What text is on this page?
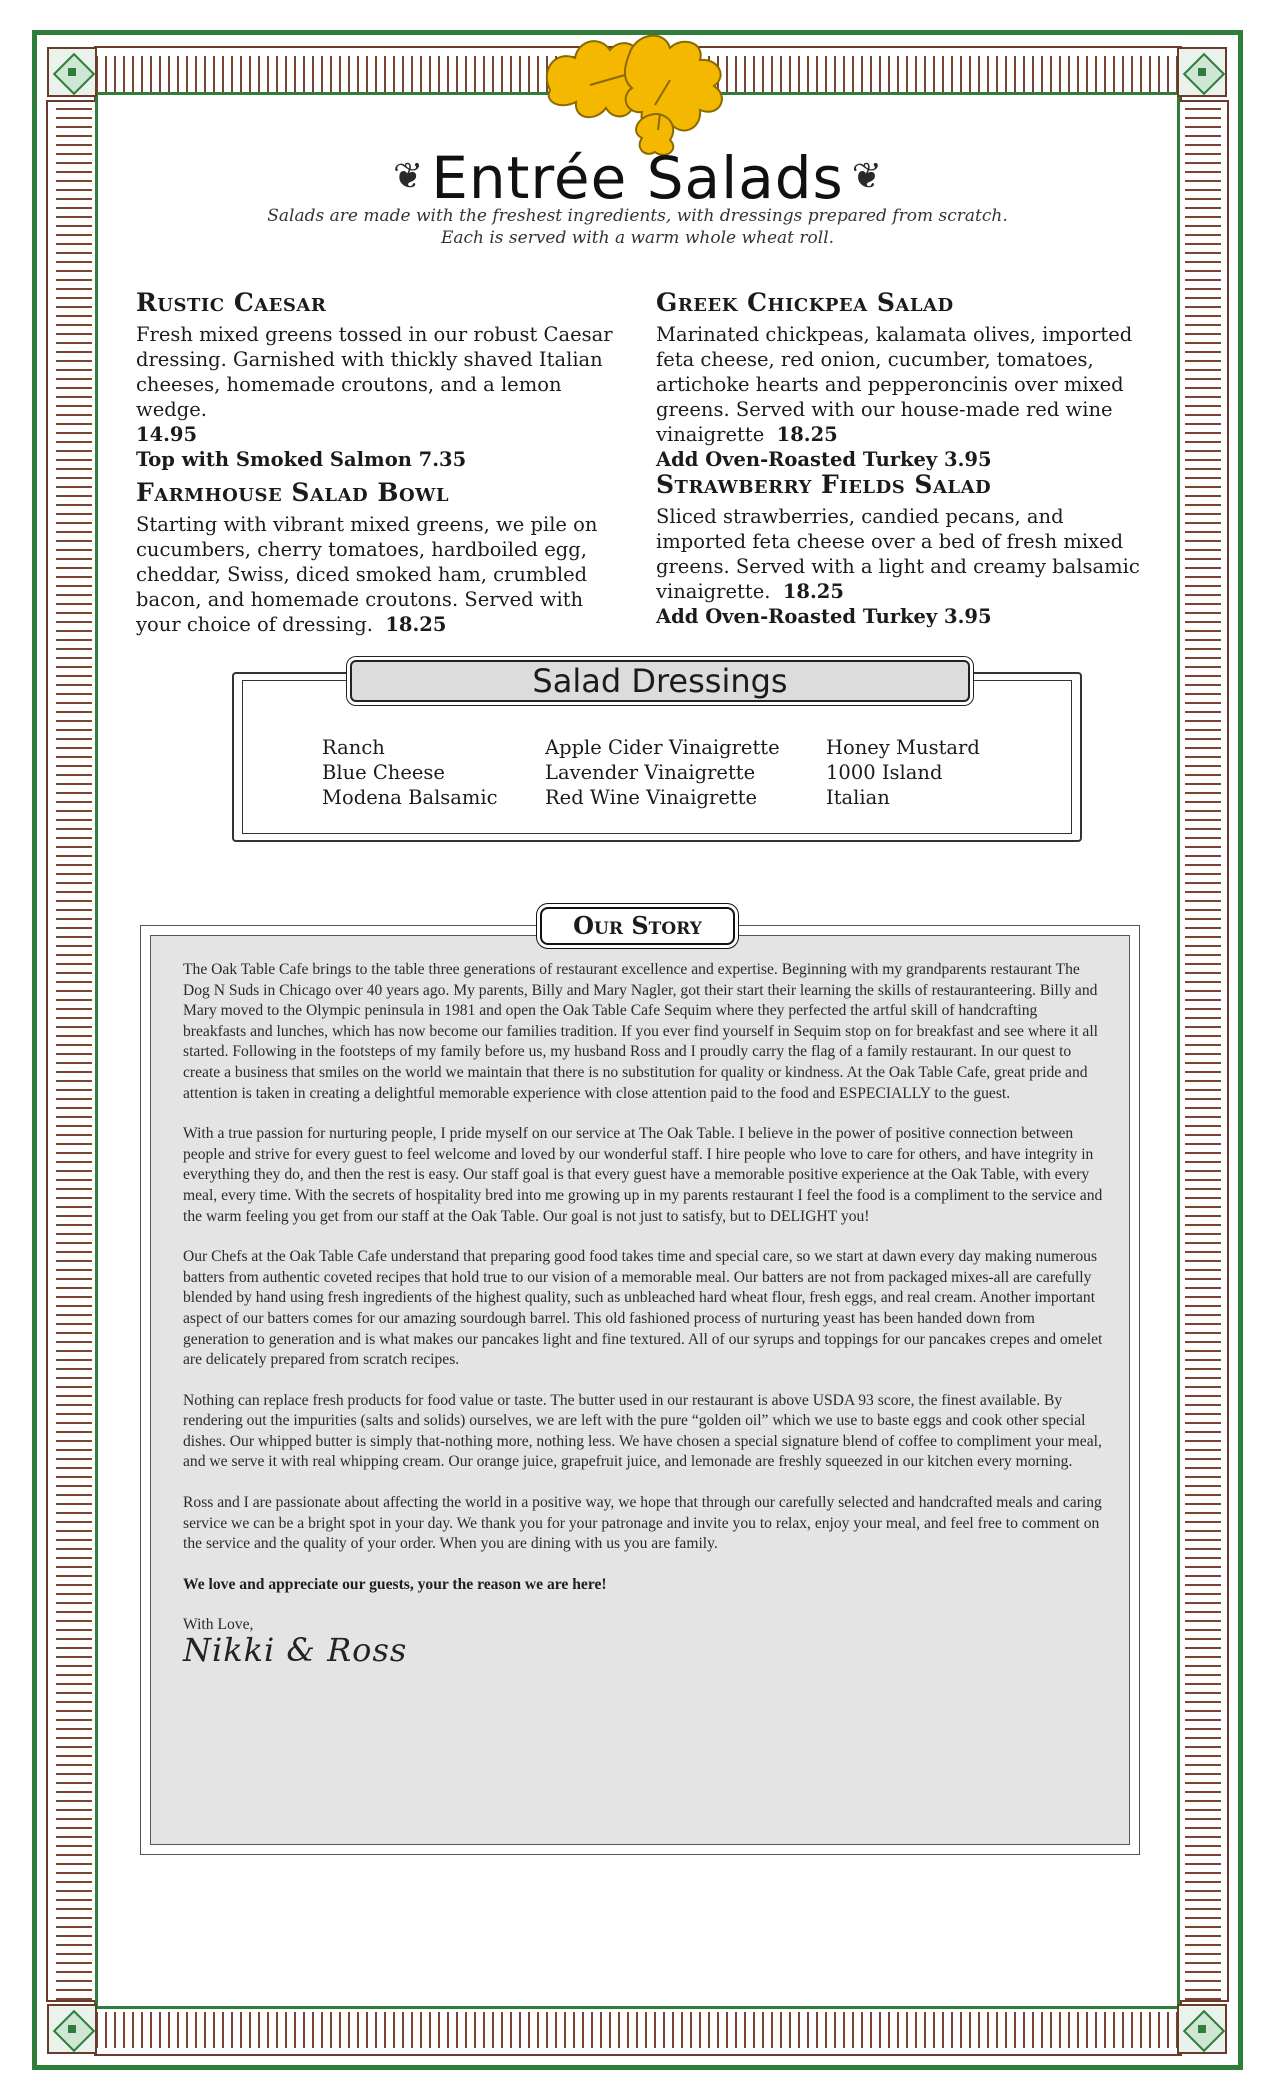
❦ Entrée Salads ❦
Salads are made with the freshest ingredients, with dressings prepared from scratch.
Each is served with a warm whole wheat roll.
Rustic Caesar

Fresh mixed greens tossed in our robust Caesar dressing. Garnished with thickly shaved Italian cheeses, homemade croutons, and a lemon wedge.
14.95
Top with Smoked Salmon 7.35

Greek Chickpea Salad

Marinated chickpeas, kalamata olives, imported feta cheese, red onion, cucumber, tomatoes, artichoke hearts and pepperoncinis over mixed greens. Served with our house-made red wine vinaigrette 18.25
Add Oven-Roasted Turkey 3.95

Farmhouse Salad Bowl

Starting with vibrant mixed greens, we pile on cucumbers, cherry tomatoes, hardboiled egg, cheddar, Swiss, diced smoked ham, crumbled bacon, and homemade croutons. Served with your choice of dressing. 18.25

Strawberry Fields Salad

Sliced strawberries, candied pecans, and imported feta cheese over a bed of fresh mixed greens. Served with a light and creamy balsamic vinaigrette. 18.25
Add Oven-Roasted Turkey 3.95

Salad Dressings
Ranch
Blue Cheese
Modena Balsamic
Apple Cider Vinaigrette
Lavender Vinaigrette
Red Wine Vinaigrette
Honey Mustard
1000 Island
Italian
Our Story

The Oak Table Cafe brings to the table three generations of restaurant excellence and expertise. Beginning with my grandparents restaurant The Dog N Suds in Chicago over 40 years ago. My parents, Billy and Mary Nagler, got their start their learning the skills of restauranteering. Billy and Mary moved to the Olympic peninsula in 1981 and open the Oak Table Cafe Sequim where they perfected the artful skill of handcrafting breakfasts and lunches, which has now become our families tradition. If you ever find yourself in Sequim stop on for breakfast and see where it all started. Following in the footsteps of my family before us, my husband Ross and I proudly carry the flag of a family restaurant. In our quest to create a business that smiles on the world we maintain that there is no substitution for quality or kindness. At the Oak Table Cafe, great pride and attention is taken in creating a delightful memorable experience with close attention paid to the food and ESPECIALLY to the guest.

With a true passion for nurturing people, I pride myself on our service at The Oak Table. I believe in the power of positive connection between people and strive for every guest to feel welcome and loved by our wonderful staff. I hire people who love to care for others, and have integrity in everything they do, and then the rest is easy. Our staff goal is that every guest have a memorable positive experience at the Oak Table, with every meal, every time. With the secrets of hospitality bred into me growing up in my parents restaurant I feel the food is a compliment to the service and the warm feeling you get from our staff at the Oak Table. Our goal is not just to satisfy, but to DELIGHT you!

Our Chefs at the Oak Table Cafe understand that preparing good food takes time and special care, so we start at dawn every day making numerous batters from authentic coveted recipes that hold true to our vision of a memorable meal. Our batters are not from packaged mixes-all are carefully blended by hand using fresh ingredients of the highest quality, such as unbleached hard wheat flour, fresh eggs, and real cream. Another important aspect of our batters comes for our amazing sourdough barrel. This old fashioned process of nurturing yeast has been handed down from generation to generation and is what makes our pancakes light and fine textured. All of our syrups and toppings for our pancakes crepes and omelet are delicately prepared from scratch recipes.

Nothing can replace fresh products for food value or taste. The butter used in our restaurant is above USDA 93 score, the finest available. By rendering out the impurities (salts and solids) ourselves, we are left with the pure “golden oil” which we use to baste eggs and cook other special dishes. Our whipped butter is simply that-nothing more, nothing less. We have chosen a special signature blend of coffee to compliment your meal, and we serve it with real whipping cream. Our orange juice, grapefruit juice, and lemonade are freshly squeezed in our kitchen every morning.

Ross and I are passionate about affecting the world in a positive way, we hope that through our carefully selected and handcrafted meals and caring service we can be a bright spot in your day. We thank you for your patronage and invite you to relax, enjoy your meal, and feel free to comment on the service and the quality of your order. When you are dining with us you are family.

We love and appreciate our guests, your the reason we are here!

With Love,

Nikki & Ross
